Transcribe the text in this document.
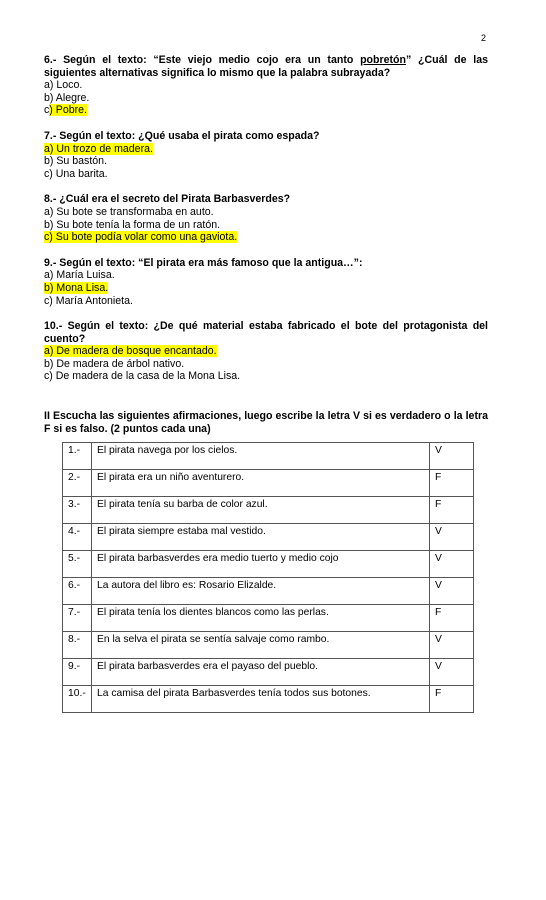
2
6.- Según el texto: “Este viejo medio cojo era un tanto pobretón” ¿Cuál de las siguientes alternativas significa lo mismo que la palabra subrayada?
a) Loco.
b) Alegre.
c) Pobre.
7.- Según el texto: ¿Qué usaba el pirata como espada?
a) Un trozo de madera.
b) Su bastón.
c) Una barita.
8.- ¿Cuál era el secreto del Pirata Barbasverdes?
a) Su bote se transformaba en auto.
b) Su bote tenía la forma de un ratón.
c) Su bote podía volar como una gaviota.
9.- Según el texto: “El pirata era más famoso que la antigua…”:
a) María Luisa.
b) Mona Lisa.
c) María Antonieta.
10.- Según el texto: ¿De qué material estaba fabricado el bote del protagonista del cuento?
a) De madera de bosque encantado.
b) De madera de árbol nativo.
c) De madera de la casa de la Mona Lisa.
II Escucha las siguientes afirmaciones, luego escribe la letra V si es verdadero o la letra F si es falso. (2 puntos cada una)
1.-	El pirata navega por los cielos.	V
2.-	El pirata era un niño aventurero.	F
3.-	El pirata tenía su barba de color azul.	F
4.-	El pirata siempre estaba mal vestido.	V
5.-	El pirata barbasverdes era medio tuerto y medio cojo	V
6.-	La autora del libro es: Rosario Elizalde.	V
7.-	El pirata tenía los dientes blancos como las perlas.	F
8.-	En la selva el pirata se sentía salvaje como rambo.	V
9.-	El pirata barbasverdes era el payaso del pueblo.	V
10.-	La camisa del pirata Barbasverdes tenía todos sus botones.	F
